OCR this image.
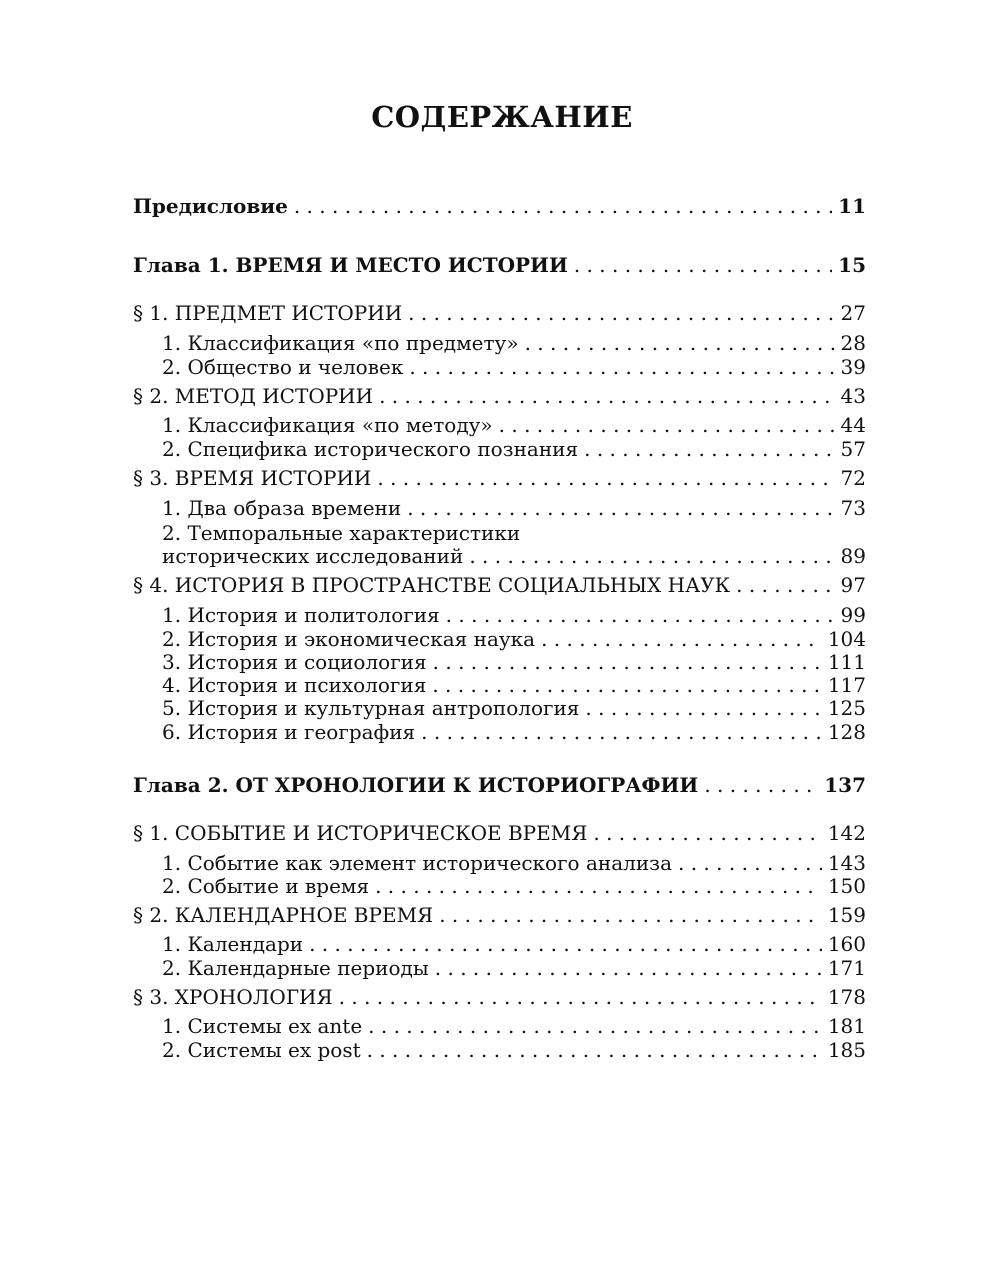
СОДЕРЖАНИЕ
Предисловие . . .	11
Глава 1. ВРЕМЯ И МЕСТО ИСТОРИИ . . .	15
§ 1. ПРЕДМЕТ ИСТОРИИ . . .	27
1. Классификация «по предмету» . . .	28
2. Общество и человек . . .	39
§ 2. МЕТОД ИСТОРИИ . . .	43
1. Классификация «по методу» . . .	44
2. Специфика исторического познания . . .	57
§ 3. ВРЕМЯ ИСТОРИИ . . .	72
1. Два образа времени . . .	73
2. Темпоральные характеристики
исторических исследований . . .	89
§ 4. ИСТОРИЯ В ПРОСТРАНСТВЕ СОЦИАЛЬНЫХ НАУК . . .	97
1. История и политология . . .	99
2. История и экономическая наука . . .	104
3. История и социология . . .	111
4. История и психология . . .	117
5. История и культурная антропология . . .	125
6. История и география . . .	128
Глава 2. ОТ ХРОНОЛОГИИ К ИСТОРИОГРАФИИ . . .	137
§ 1. СОБЫТИЕ И ИСТОРИЧЕСКОЕ ВРЕМЯ . . .	142
1. Событие как элемент исторического анализа . . .	143
2. Событие и время . . .	150
§ 2. КАЛЕНДАРНОЕ ВРЕМЯ . . .	159
1. Календари . . .	160
2. Календарные периоды . . .	171
§ 3. ХРОНОЛОГИЯ . . .	178
1. Системы ex ante . . .	181
2. Системы ex post . . .	185
